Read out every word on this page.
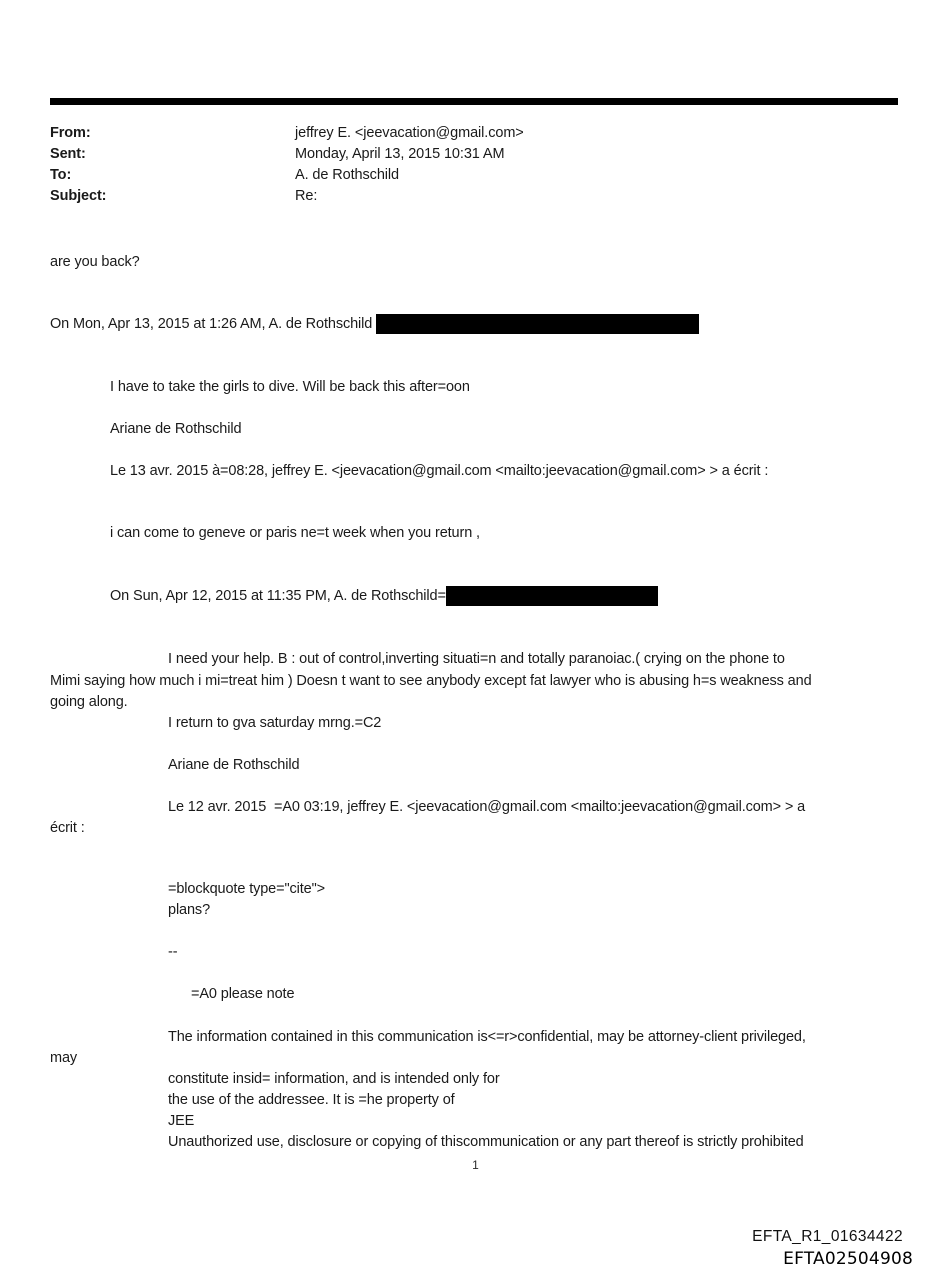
From:	jeffrey E. <jeevacation@gmail.com>
Sent:	Monday, April 13, 2015 10:31 AM
To:	A. de Rothschild
Subject:	Re:
are you back?
On Mon, Apr 13, 2015 at 1:26 AM, A. de Rothschild
I have to take the girls to dive. Will be back this after=oon
Ariane de Rothschild
Le 13 avr. 2015 à=08:28, jeffrey E. <jeevacation@gmail.com <mailto:jeevacation@gmail.com> > a écrit :
i can come to geneve or paris ne=t week when you return ,
On Sun, Apr 12, 2015 at 11:35 PM, A. de Rothschild=
I need your help. B : out of control,inverting situati=n and totally paranoiac.( crying on the phone to
Mimi saying how much i mi=treat him ) Doesn t want to see anybody except fat lawyer who is abusing h=s weakness and
going along.
I return to gva saturday mrng.=C2
Ariane de Rothschild
Le 12 avr. 2015  =A0 03:19, jeffrey E. <jeevacation@gmail.com <mailto:jeevacation@gmail.com> > a
écrit :
=blockquote type="cite">
plans?
--
=A0 please note
The information contained in this communication is<=r>confidential, may be attorney-client privileged,
may
constitute insid= information, and is intended only for
the use of the addressee. It is =he property of
JEE
Unauthorized use, disclosure or copying of thiscommunication or any part thereof is strictly prohibited
1
EFTA_R1_01634422
EFTA02504908
